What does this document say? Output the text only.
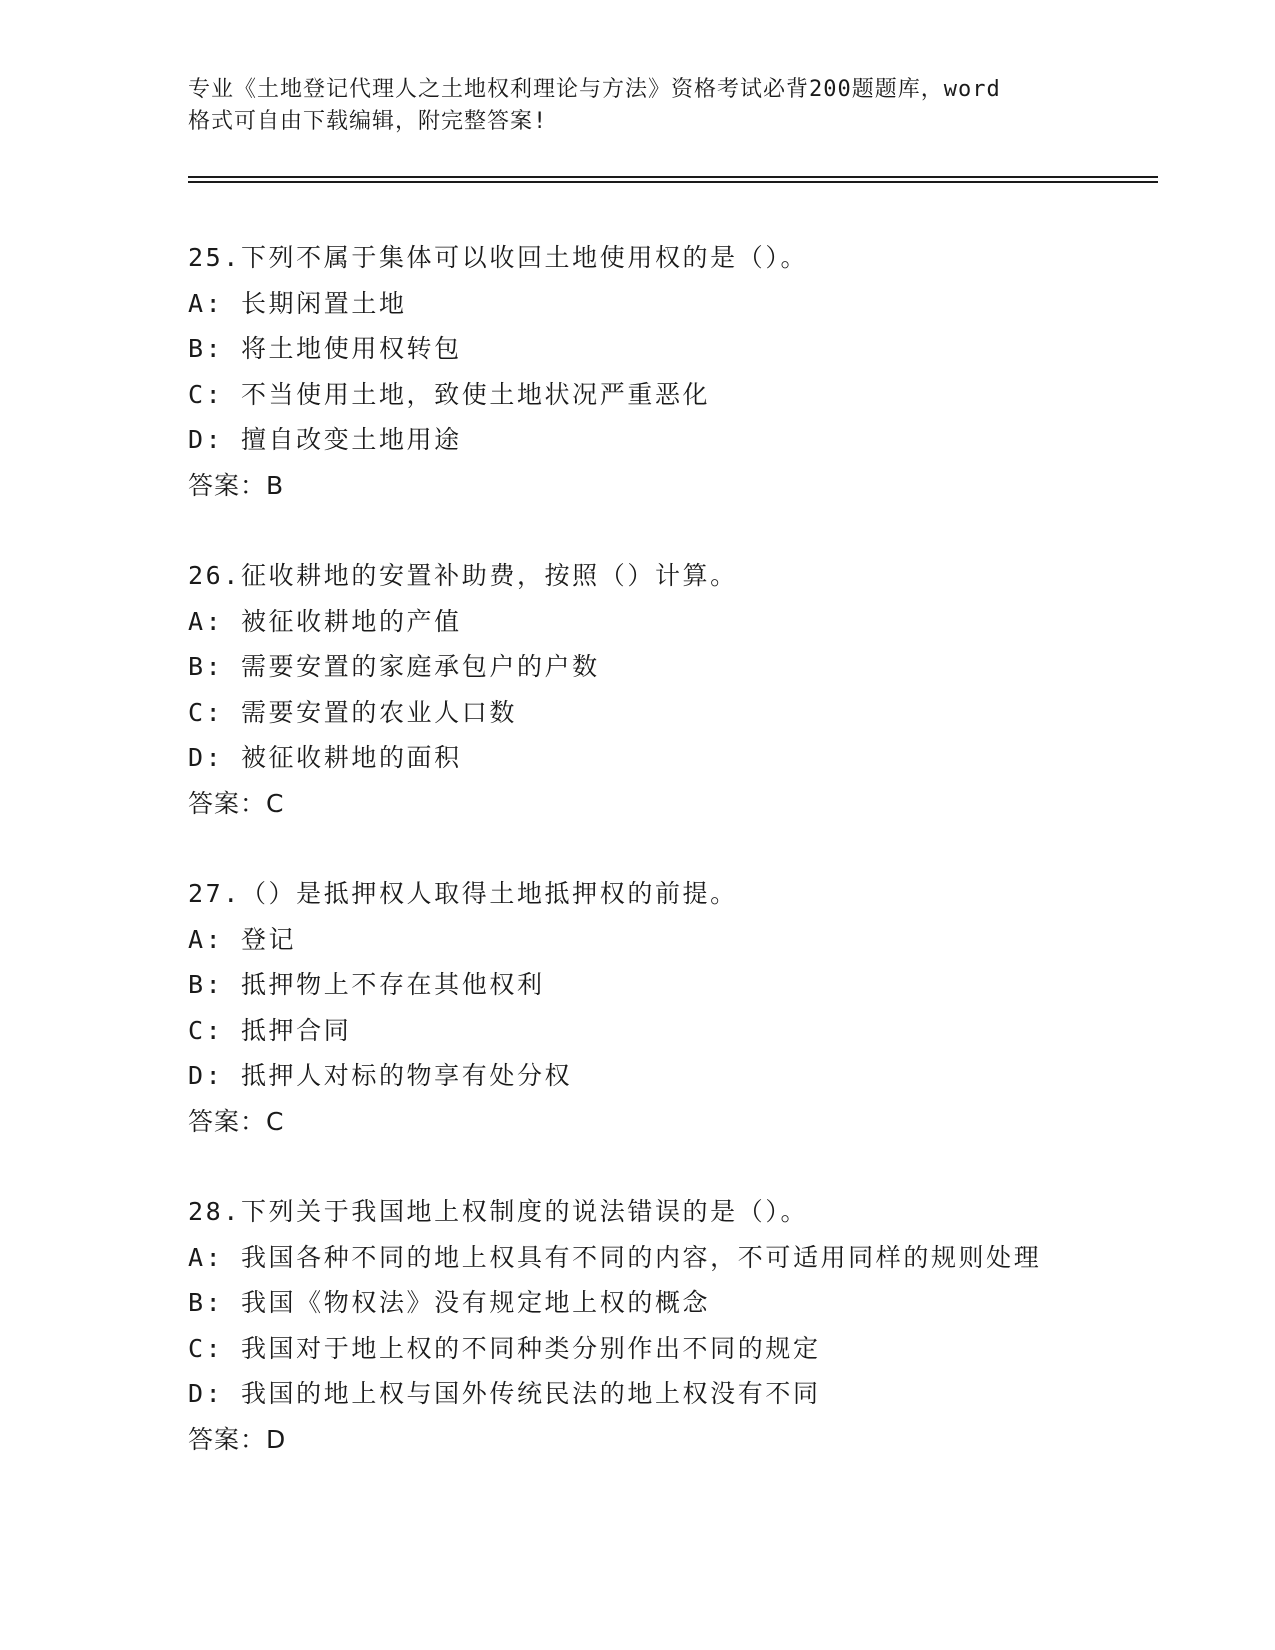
专业《土地登记代理人之土地权利理论与方法》资格考试必背200题题库，word
格式可自由下载编辑，附完整答案!
25.下列不属于集体可以收回土地使用权的是（）。
A: 长期闲置土地
B: 将土地使用权转包
C: 不当使用土地，致使土地状况严重恶化
D: 擅自改变土地用途
答案：B
26.征收耕地的安置补助费，按照（）计算。
A: 被征收耕地的产值
B: 需要安置的家庭承包户的户数
C: 需要安置的农业人口数
D: 被征收耕地的面积
答案：C
27.（）是抵押权人取得土地抵押权的前提。
A: 登记
B: 抵押物上不存在其他权利
C: 抵押合同
D: 抵押人对标的物享有处分权
答案：C
28.下列关于我国地上权制度的说法错误的是（）。
A: 我国各种不同的地上权具有不同的内容，不可适用同样的规则处理
B: 我国《物权法》没有规定地上权的概念
C: 我国对于地上权的不同种类分别作出不同的规定
D: 我国的地上权与国外传统民法的地上权没有不同
答案：D
